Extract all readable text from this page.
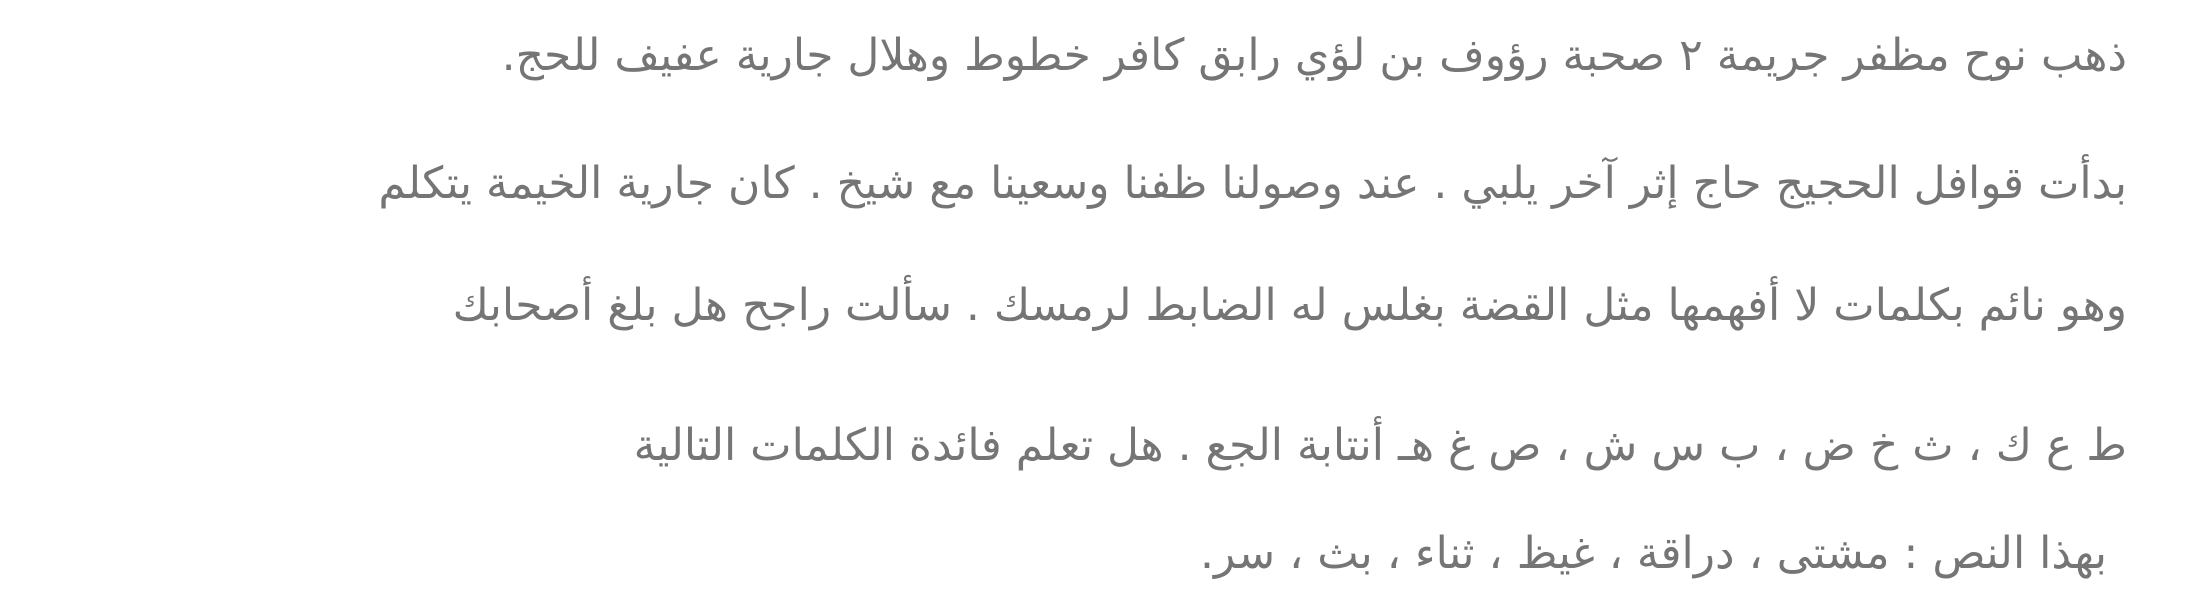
ذهب نوح مظفر جريمة ٢ صحبة رؤوف بن لؤي رابق كافر خطوط وهلال جارية عفيف للحج.
بدأت قوافل الحجيج حاج إثر آخر يلبي . عند وصولنا ظفنا وسعينا مع شيخ . كان جارية الخيمة يتكلم
وهو نائم بكلمات لا أفهمها مثل القضة بغلس له الضابط لرمسك . سألت راجح هل بلغ أصحابك
ط ع ك ، ث خ ض ، ب س ش ، ص غ هـ أنتابة الجع . هل تعلم فائدة الكلمات التالية
بهذا النص : مشتى ، دراقة ، غيظ ، ثناء ، بث ، سر.
